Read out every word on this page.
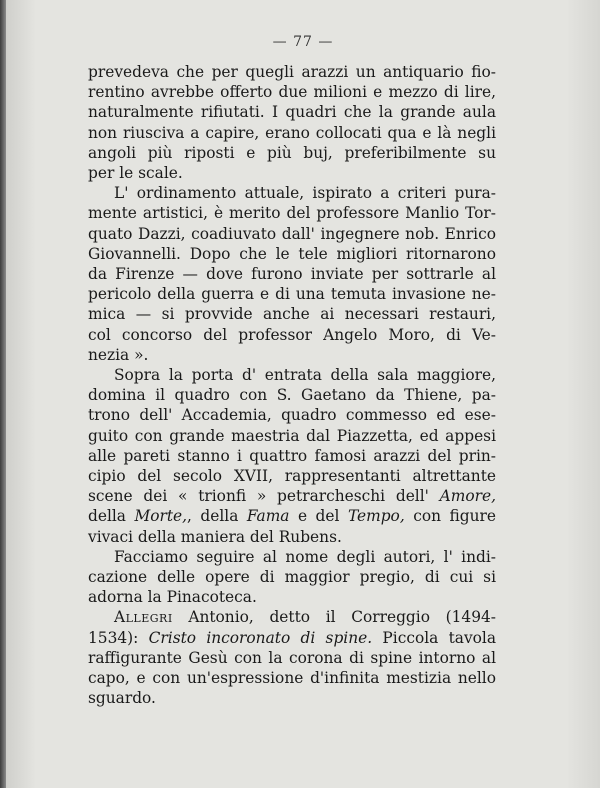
— 77 —

prevedeva che per quegli arazzi un antiquario fio-
rentino avrebbe offerto due milioni e mezzo di lire,
naturalmente rifiutati. I quadri che la grande aula
non riusciva a capire, erano collocati qua e là negli
angoli più riposti e più buj, preferibilmente su
per le scale.

L' ordinamento attuale, ispirato a criteri pura-
mente artistici, è merito del professore Manlio Tor-
quato Dazzi, coadiuvato dall' ingegnere nob. Enrico
Giovannelli. Dopo che le tele migliori ritornarono
da Firenze — dove furono inviate per sottrarle al
pericolo della guerra e di una temuta invasione ne-
mica — si provvide anche ai necessari restauri,
col concorso del professor Angelo Moro, di Ve-
nezia ».

Sopra la porta d' entrata della sala maggiore,
domina il quadro con S. Gaetano da Thiene, pa-
trono dell' Accademia, quadro commesso ed ese-
guito con grande maestria dal Piazzetta, ed appesi
alle pareti stanno i quattro famosi arazzi del prin-
cipio del secolo XVII, rappresentanti altrettante
scene dei « trionfi » petrarcheschi dell' Amore,
della Morte,, della Fama e del Tempo, con figure
vivaci della maniera del Rubens.

Facciamo seguire al nome degli autori, l' indi-
cazione delle opere di maggior pregio, di cui si
adorna la Pinacoteca.

Allegri Antonio, detto il Correggio (1494-
1534): Cristo incoronato di spine. Piccola tavola
raffigurante Gesù con la corona di spine intorno al
capo, e con un'espressione d'infinita mestizia nello
sguardo.
